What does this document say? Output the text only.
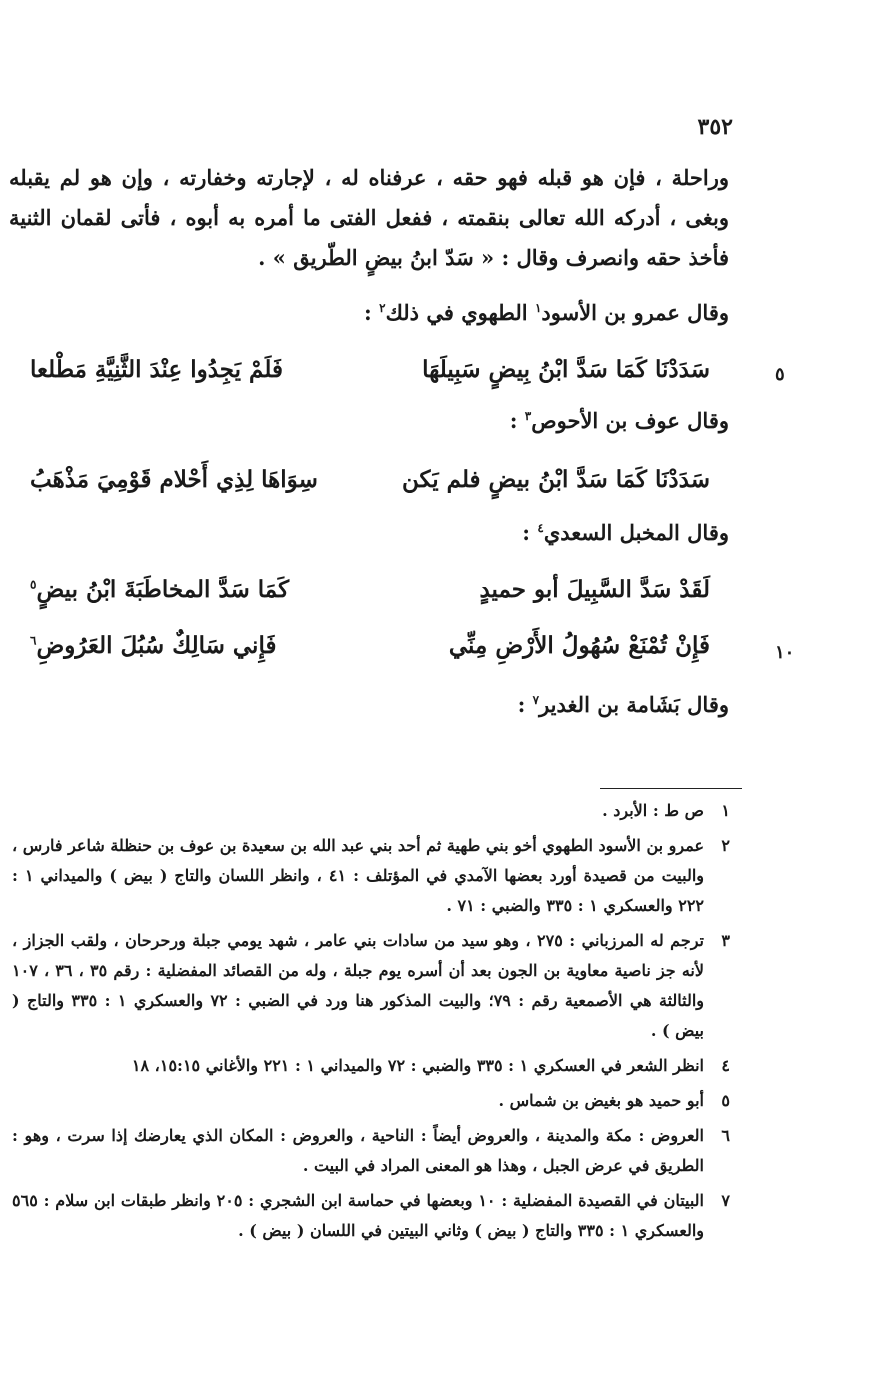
٣٥٢

وراحلة ، فإن هو قبله فهو حقه ، عرفناه له ، لإجارته وخفارته ، وإن هو لم يقبله وبغى ، أدركه الله تعالى بنقمته ، ففعل الفتى ما أمره به أبوه ، فأتى لقمان الثنية فأخذ حقه وانصرف وقال : « سَدّ ابنُ بيضٍ الطّريق » .

وقال عمرو بن الأسود$^١$ الطهوي في ذلك$^٢$ :
سَدَدْنَا كَمَا سَدَّ ابْنُ بِيضٍ سَبِيلَهَا
فَلَمْ يَجِدُوا عِنْدَ الثَّنِيَّةِ مَطْلعا	٥
وقال عوف بن الأحوص$^٣$ :
سَدَدْنَا كَمَا سَدَّ ابْنُ بيضٍ فلم يَكن
سِوَاهَا لِذِي أَحْلام قَوْمِيَ مَذْهَبُ
وقال المخبل السعدي$^٤$ :
لَقَدْ سَدَّ السَّبِيلَ أبو حميدٍ
كَمَا سَدَّ المخاطَبَةَ ابْنُ بيضٍ$^٥$
فَإِنْ تُمْنَعْ سُهُولُ الأَرْضِ مِنِّي
فَإِني سَالِكٌ سُبُلَ العَرُوضِ$^٦$
١٠
وقال بَشَامة بن الغدير$^٧$ :
١
ص ط : الأبرد .
٢
عمرو بن الأسود الطهوي أخو بني طهية ثم أحد بني عبد الله بن سعيدة بن عوف بن حنظلة شاعر فارس ، والبيت من قصيدة أورد بعضها الآمدي في المؤتلف : ٤١ ، وانظر اللسان والتاج ( بيض ) والميداني ١ : ٢٢٢ والعسكري ١ : ٣٣٥ والضبي : ٧١ .
٣
ترجم له المرزباني : ٢٧٥ ، وهو سيد من سادات بني عامر ، شهد يومي جبلة ورحرحان ، ولقب الجزاز ، لأنه جز ناصية معاوية بن الجون بعد أن أسره يوم جبلة ، وله من القصائد المفضلية : رقم ٣٥ ، ٣٦ ، ١٠٧ والثالثة هي الأصمعية رقم : ٧٩؛ والبيت المذكور هنا ورد في الضبي : ٧٢ والعسكري ١ : ٣٣٥ والتاج ( بيض ) .
٤
انظر الشعر في العسكري ١ : ٣٣٥ والضبي : ٧٢ والميداني ١ : ٢٢١ والأغاني ١٥:١٥، ١٨
٥
أبو حميد هو بغيض بن شماس .
٦
العروض : مكة والمدينة ، والعروض أيضاً : الناحية ، والعروض : المكان الذي يعارضك إذا سرت ، وهو : الطريق في عرض الجبل ، وهذا هو المعنى المراد في البيت .
٧
البيتان في القصيدة المفضلية : ١٠ وبعضها في حماسة ابن الشجري : ٢٠٥ وانظر طبقات ابن سلام : ٥٦٥ والعسكري ١ : ٣٣٥ والتاج ( بيض ) وثاني البيتين في اللسان ( بيض ) .
